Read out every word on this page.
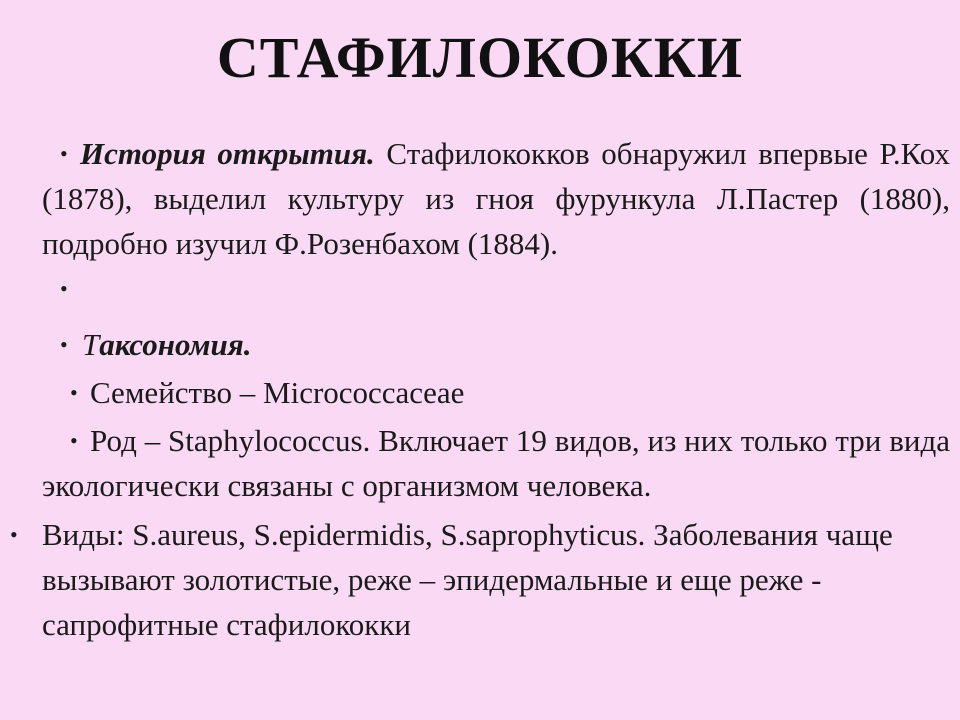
СТАФИЛОКОККИ
• История открытия. Стафилококков обнаружил впервые Р.Кох (1878), выделил культуру из гноя фурункула Л.Пастер (1880), подробно изучил Ф.Розенбахом (1884).
•
• Таксономия.
• Семейство – Micrococcaceae
• Род – Staphylococcus. Включает 19 видов, из них только три вида экологически связаны с организмом человека.
• Виды: S.aureus, S.epidermidis, S.saprophyticus. Заболевания чаще вызывают золотистые, реже – эпидермальные и еще реже - сапрофитные стафилококки
